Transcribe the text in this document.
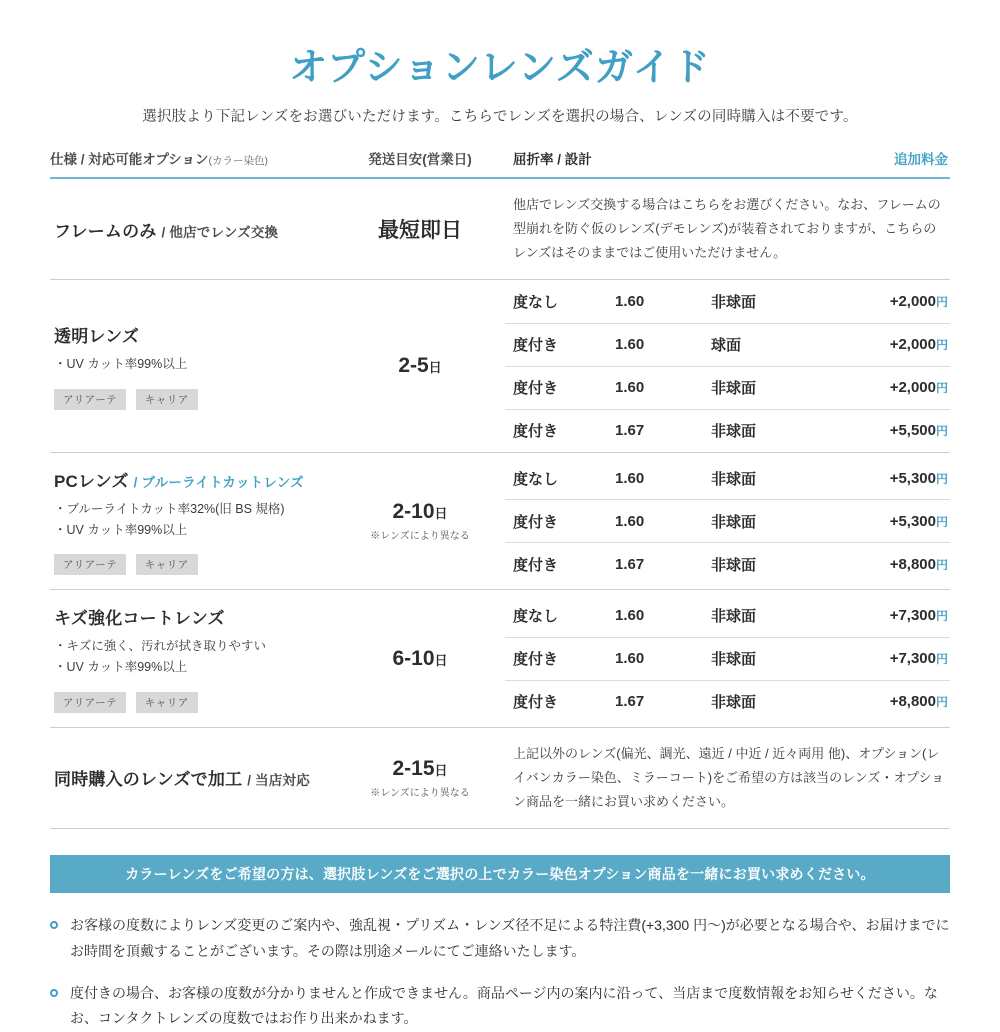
オプションレンズガイド
選択肢より下記レンズをお選びいただけます。こちらでレンズを選択の場合、レンズの同時購入は不要です。
仕様 / 対応可能オプション(カラー染色)	発送目安(営業日)		屈折率 / 設計			追加料金

フレームのみ / 他店でレンズ交換	最短即日

他店でレンズ交換する場合はこちらをお選びください。なお、フレームの型崩れを防ぐ仮のレンズ(デモレンズ)が装着されておりますが、こちらのレンズはそのままではご使用いただけません。

透明レンズ
・UV カット率99%以上
アリアーテ	キャリア

2-5日

度なし	1.60	非球面	+2,000円
度付き	1.60	球面	+2,000円
度付き	1.60	非球面	+2,000円
度付き	1.67	非球面	+5,500円

PCレンズ / ブルーライトカットレンズ
・ブルーライトカット率32%(旧 BS 規格)
・UV カット率99%以上
アリアーテ	キャリア

2-10日
※レンズにより異なる

度なし	1.60	非球面	+5,300円
度付き	1.60	非球面	+5,300円
度付き	1.67	非球面	+8,800円

キズ強化コートレンズ
・キズに強く、汚れが拭き取りやすい
・UV カット率99%以上
アリアーテ	キャリア

6-10日

度なし	1.60	非球面	+7,300円
度付き	1.60	非球面	+7,300円
度付き	1.67	非球面	+8,800円

同時購入のレンズで加工 / 当店対応

2-15日
※レンズにより異なる

上記以外のレンズ(偏光、調光、遠近 / 中近 / 近々両用 他)、オプション(レイバンカラー染色、ミラーコート)をご希望の方は該当のレンズ・オプション商品を一緒にお買い求めください。
カラーレンズをご希望の方は、選択肢レンズをご選択の上でカラー染色オプション商品を一緒にお買い求めください。
お客様の度数によりレンズ変更のご案内や、強乱視・プリズム・レンズ径不足による特注費(+3,300 円〜)が必要となる場合や、お届けまでにお時間を頂戴することがございます。その際は別途メールにてご連絡いたします。
度付きの場合、お客様の度数が分かりませんと作成できません。商品ページ内の案内に沿って、当店まで度数情報をお知らせください。なお、コンタクトレンズの度数ではお作り出来かねます。
